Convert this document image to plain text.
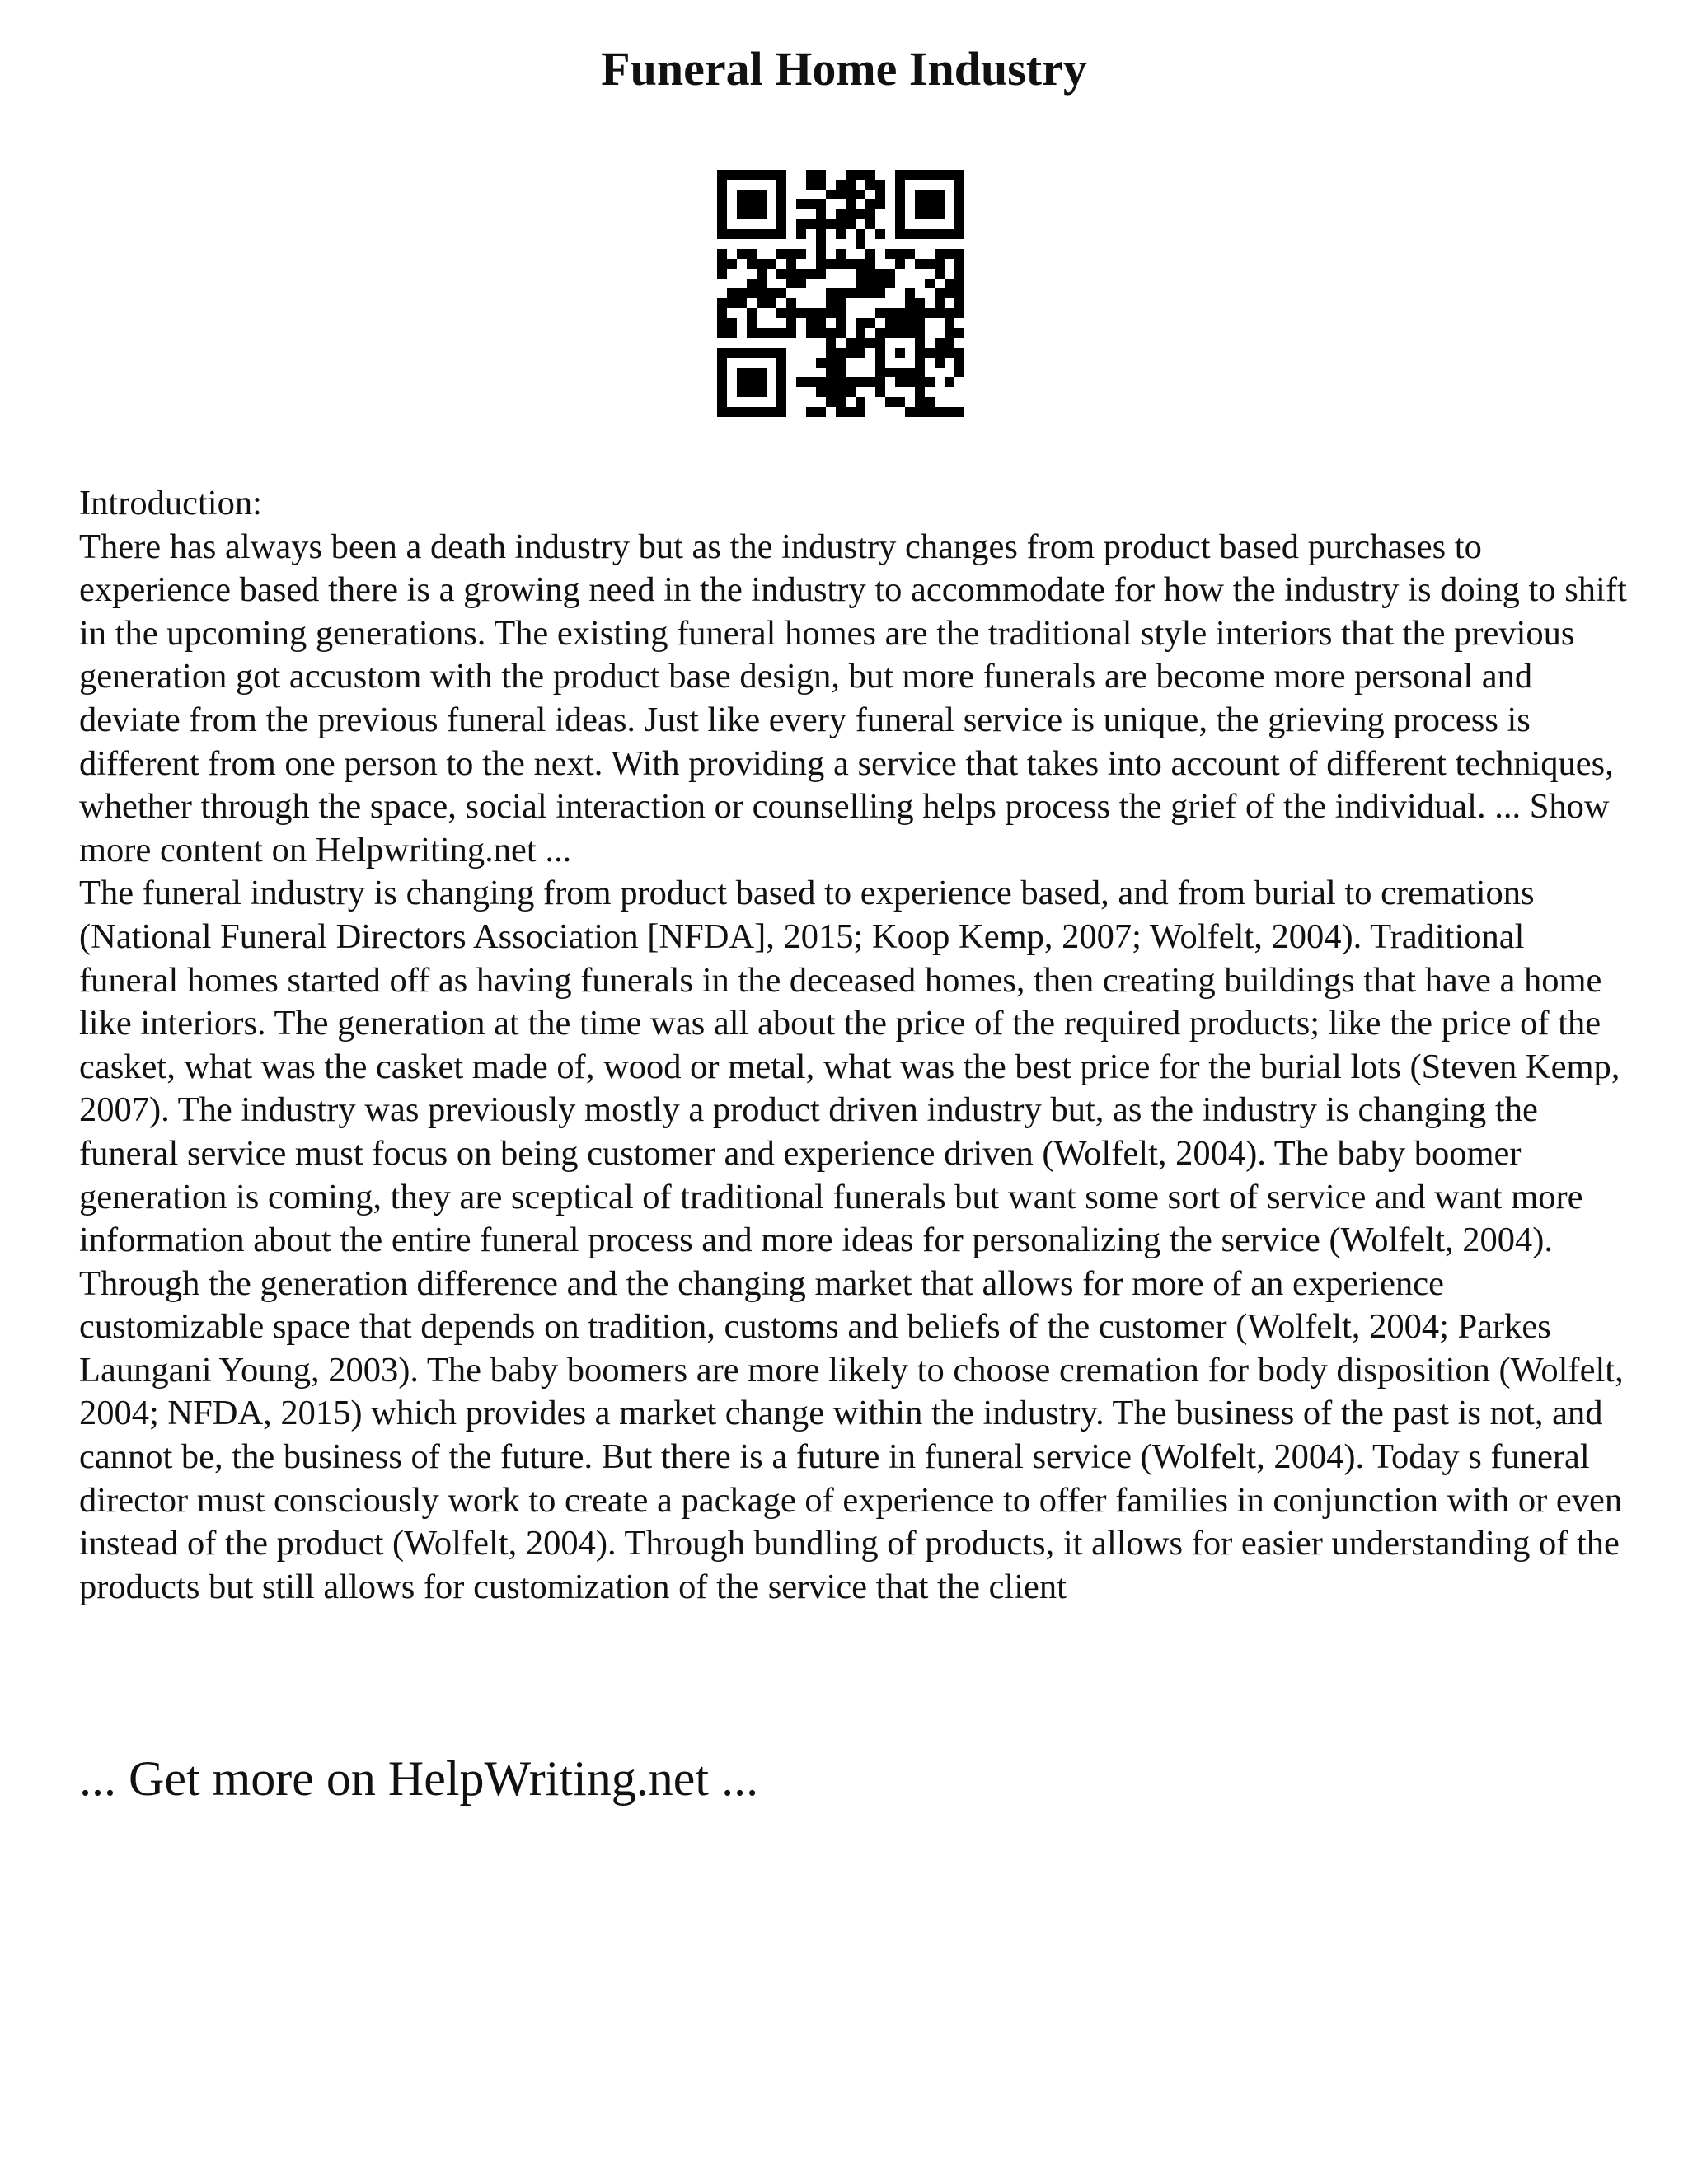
Funeral Home Industry

Introduction:

There has always been a death industry but as the industry changes from product based purchases to experience based there is a growing need in the industry to accommodate for how the industry is doing to shift in the upcoming generations. The existing funeral homes are the traditional style interiors that the previous generation got accustom with the product base design, but more funerals are become more personal and deviate from the previous funeral ideas. Just like every funeral service is unique, the grieving process is different from one person to the next. With providing a service that takes into account of different techniques, whether through the space, social interaction or counselling helps process the grief of the individual. ... Show more content on Helpwriting.net ...

The funeral industry is changing from product based to experience based, and from burial to cremations (National Funeral Directors Association [NFDA], 2015; Koop Kemp, 2007; Wolfelt, 2004). Traditional funeral homes started off as having funerals in the deceased homes, then creating buildings that have a home like interiors. The generation at the time was all about the price of the required products; like the price of the casket, what was the casket made of, wood or metal, what was the best price for the burial lots (Steven Kemp, 2007). The industry was previously mostly a product driven industry but, as the industry is changing the funeral service must focus on being customer and experience driven (Wolfelt, 2004). The baby boomer generation is coming, they are sceptical of traditional funerals but want some sort of service and want more information about the entire funeral process and more ideas for personalizing the service (Wolfelt, 2004). Through the generation difference and the changing market that allows for more of an experience customizable space that depends on tradition, customs and beliefs of the customer (Wolfelt, 2004; Parkes Laungani Young, 2003). The baby boomers are more likely to choose cremation for body disposition (Wolfelt, 2004; NFDA, 2015) which provides a market change within the industry. The business of the past is not, and cannot be, the business of the future. But there is a future in funeral service (Wolfelt, 2004). Today s funeral director must consciously work to create a package of experience to offer families in conjunction with or even instead of the product (Wolfelt, 2004). Through bundling of products, it allows for easier understanding of the products but still allows for customization of the service that the client

... Get more on HelpWriting.net ...
